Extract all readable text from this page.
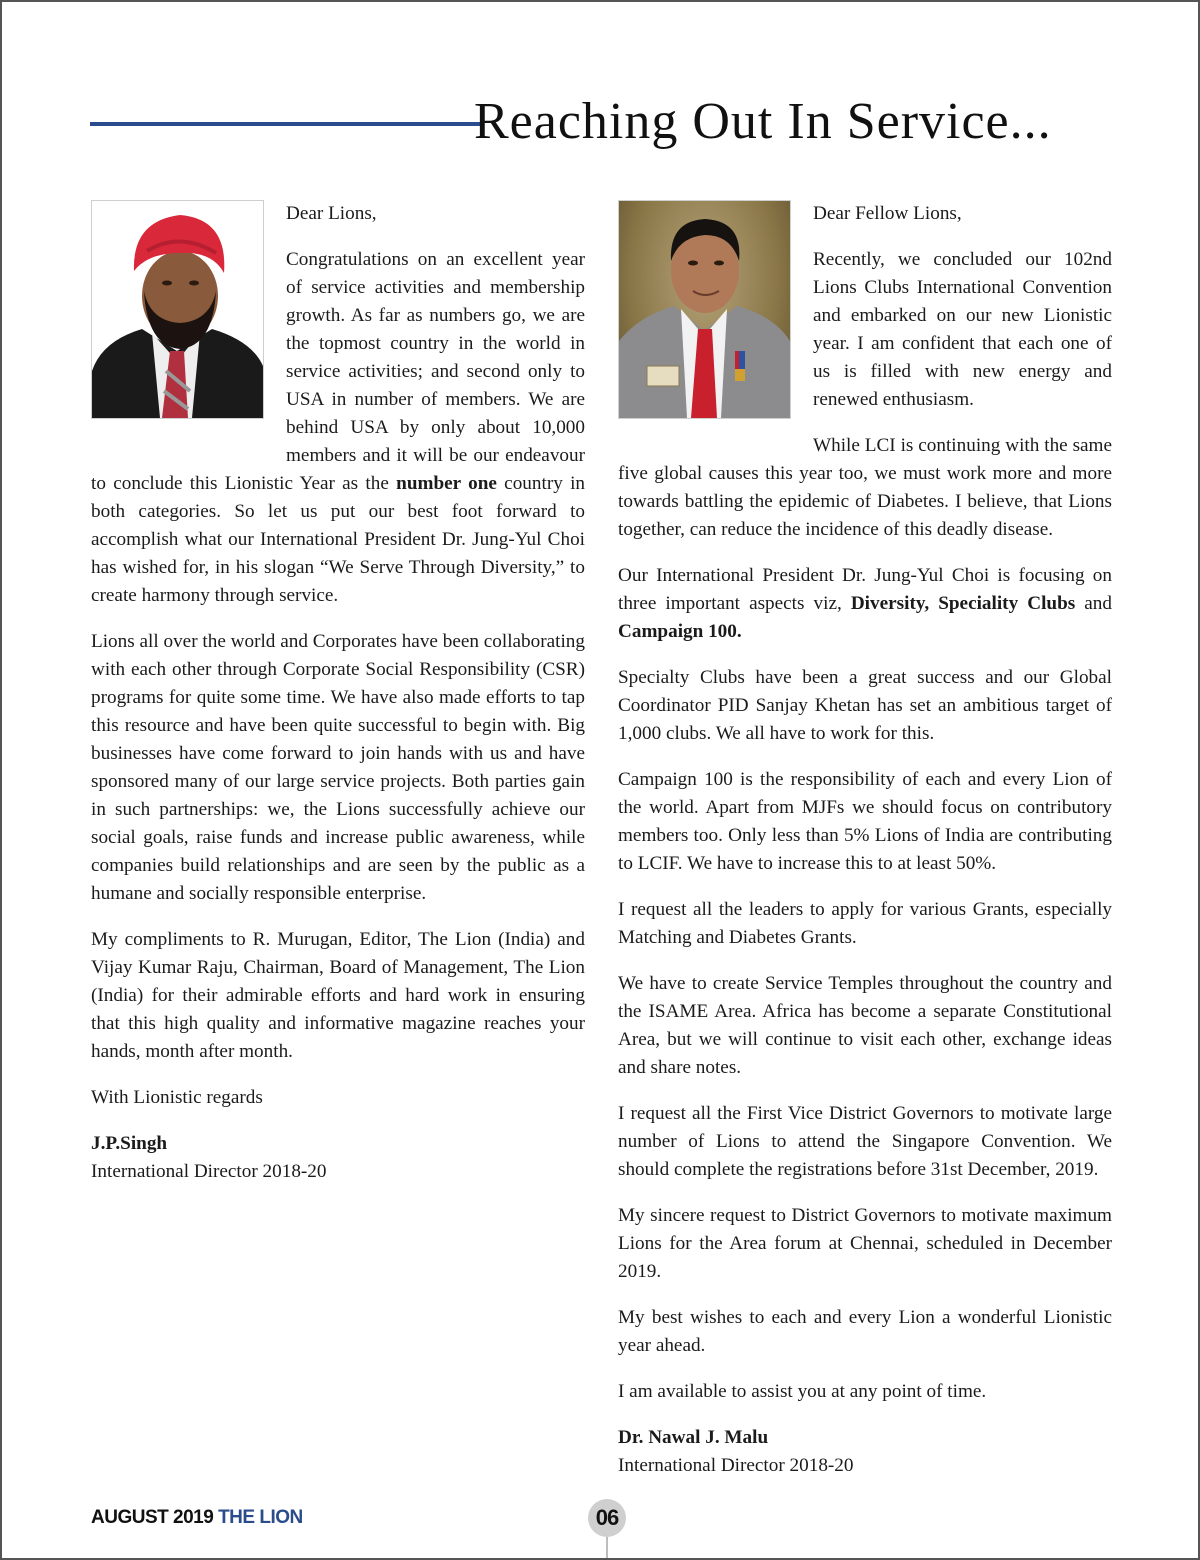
Reaching Out In Service...

Dear Lions,

Congratulations on an excellent year of service activities and membership growth. As far as numbers go, we are the topmost country in the world in service activities; and second only to USA in number of members. We are behind USA by only about 10,000 members and it will be our endeavour to conclude this Lionistic Year as the number one country in both categories. So let us put our best foot forward to accomplish what our International President Dr. Jung-Yul Choi has wished for, in his slogan “We Serve Through Diversity,” to create harmony through service.

Lions all over the world and Corporates have been collaborating with each other through Corporate Social Responsibility (CSR) programs for quite some time. We have also made efforts to tap this resource and have been quite successful to begin with. Big businesses have come forward to join hands with us and have sponsored many of our large service projects. Both parties gain in such partnerships: we, the Lions successfully achieve our social goals, raise funds and increase public awareness, while companies build relationships and are seen by the public as a humane and socially responsible enterprise.

My compliments to R. Murugan, Editor, The Lion (India) and Vijay Kumar Raju, Chairman, Board of Management, The Lion (India) for their admirable efforts and hard work in ensuring that this high quality and informative magazine reaches your hands, month after month.

With Lionistic regards

J.P.Singh

International Director 2018-20

Dear Fellow Lions,

Recently, we concluded our 102nd Lions Clubs International Convention and embarked on our new Lionistic year. I am confident that each one of us is filled with new energy and renewed enthusiasm.

While LCI is continuing with the same five global causes this year too, we must work more and more towards battling the epidemic of Diabetes. I believe, that Lions together, can reduce the incidence of this deadly disease.

Our International President Dr. Jung-Yul Choi is focusing on three important aspects viz, Diversity, Speciality Clubs and Campaign 100.

Specialty Clubs have been a great success and our Global Coordinator PID Sanjay Khetan has set an ambitious target of 1,000 clubs. We all have to work for this.

Campaign 100 is the responsibility of each and every Lion of the world. Apart from MJFs we should focus on contributory members too. Only less than 5% Lions of India are contributing to LCIF. We have to increase this to at least 50%.

I request all the leaders to apply for various Grants, especially Matching and Diabetes Grants.

We have to create Service Temples throughout the country and the ISAME Area. Africa has become a separate Constitutional Area, but we will continue to visit each other, exchange ideas and share notes.

I request all the First Vice District Governors to motivate large number of Lions to attend the Singapore Convention. We should complete the registrations before 31st December, 2019.

My sincere request to District Governors to motivate maximum Lions for the Area forum at Chennai, scheduled in December 2019.

My best wishes to each and every Lion a wonderful Lionistic year ahead.

I am available to assist you at any point of time.

Dr. Nawal J. Malu

International Director 2018-20

AUGUST 2019 THE LION	06
